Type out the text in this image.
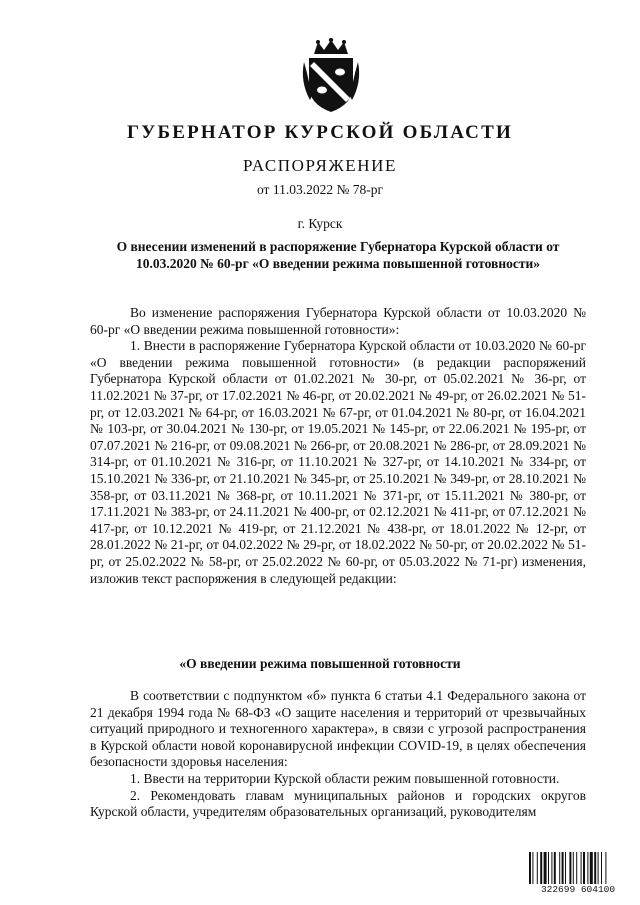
ГУБЕРНАТОР КУРСКОЙ ОБЛАСТИ
РАСПОРЯЖЕНИЕ
от 11.03.2022 № 78-рг
г. Курск
О внесении изменений в распоряжение Губернатора Курской области от 10.03.2020 № 60-рг «О введении режима повышенной готовности»

Во изменение распоряжения Губернатора Курской области от 10.03.2020 № 60-рг «О введении режима повышенной готовности»:

1. Внести в распоряжение Губернатора Курской области от 10.03.2020 № 60-рг «О введении режима повышенной готовности» (в редакции распоряжений Губернатора Курской области от 01.02.2021 № 30-рг, от 05.02.2021 № 36-рг, от 11.02.2021 № 37-рг, от 17.02.2021 № 46-рг, от 20.02.2021 № 49-рг, от 26.02.2021 № 51-рг, от 12.03.2021 № 64-рг, от 16.03.2021 № 67-рг, от 01.04.2021 № 80-рг, от 16.04.2021 № 103-рг, от 30.04.2021 № 130-рг, от 19.05.2021 № 145-рг, от 22.06.2021 № 195-рг, от 07.07.2021 № 216-рг, от 09.08.2021 № 266-рг, от 20.08.2021 № 286-рг, от 28.09.2021 № 314-рг, от 01.10.2021 № 316-рг, от 11.10.2021 № 327-рг, от 14.10.2021 № 334-рг, от 15.10.2021 № 336-рг, от 21.10.2021 № 345-рг, от 25.10.2021 № 349-рг, от 28.10.2021 № 358-рг, от 03.11.2021 № 368-рг, от 10.11.2021 № 371-рг, от 15.11.2021 № 380-рг, от 17.11.2021 № 383-рг, от 24.11.2021 № 400-рг, от 02.12.2021 № 411-рг, от 07.12.2021 № 417-рг, от 10.12.2021 № 419-рг, от 21.12.2021 № 438-рг, от 18.01.2022 № 12-рг, от 28.01.2022 № 21-рг, от 04.02.2022 № 29-рг, от 18.02.2022 № 50-рг, от 20.02.2022 № 51-рг, от 25.02.2022 № 58-рг, от 25.02.2022 № 60-рг, от 05.03.2022 № 71-рг) изменения, изложив текст распоряжения в следующей редакции:

«О введении режима повышенной готовности

В соответствии с подпунктом «б» пункта 6 статьи 4.1 Федерального закона от 21 декабря 1994 года № 68-ФЗ «О защите населения и территорий от чрезвычайных ситуаций природного и техногенного характера», в связи с угрозой распространения в Курской области новой коронавирусной инфекции COVID-19, в целях обеспечения безопасности здоровья населения:

1. Ввести на территории Курской области режим повышенной готовности.

2. Рекомендовать главам муниципальных районов и городских округов Курской области, учредителям образовательных организаций, руководителям

322699 604100
